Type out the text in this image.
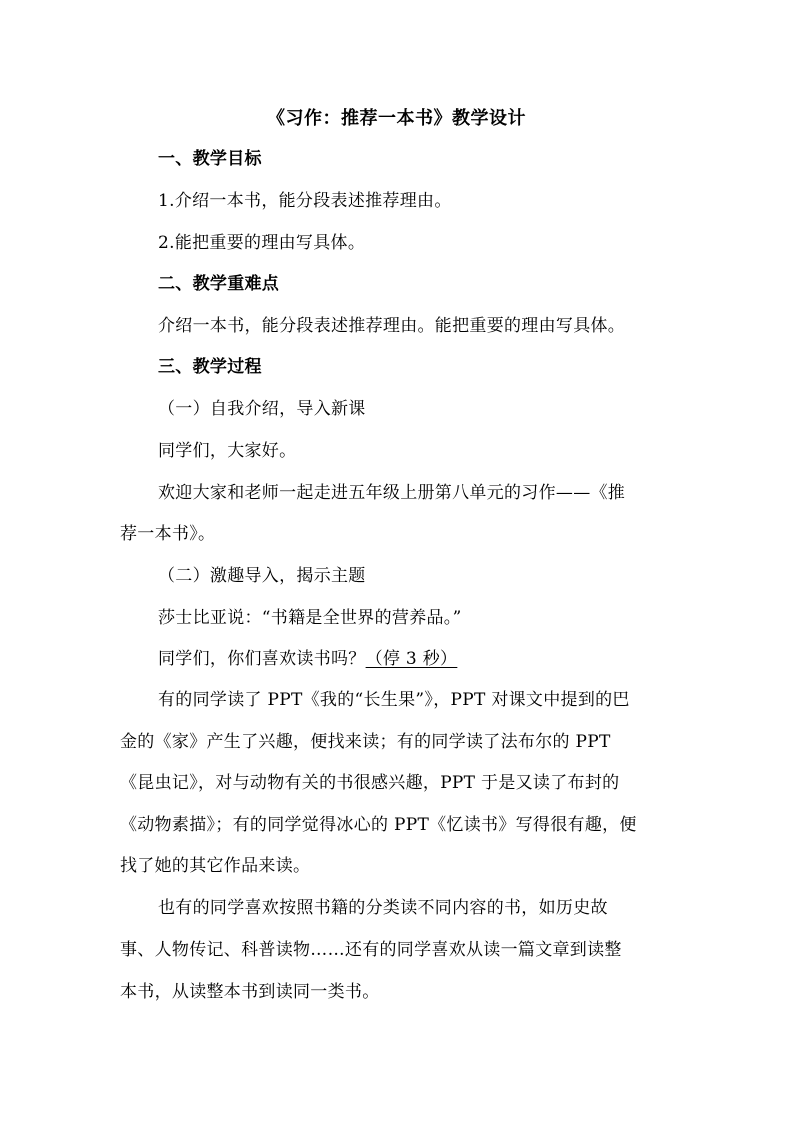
《习作：推荐一本书》教学设计
一、教学目标
1.介绍一本书，能分段表述推荐理由。
2.能把重要的理由写具体。
二、教学重难点
介绍一本书，能分段表述推荐理由。能把重要的理由写具体。
三、教学过程
（一）自我介绍，导入新课
同学们，大家好。
欢迎大家和老师一起走进五年级上册第八单元的习作——《推
荐一本书》。
（二）激趣导入，揭示主题
莎士比亚说：“书籍是全世界的营养品。”
同学们，你们喜欢读书吗？（停 3 秒）
有的同学读了 PPT《我的“长生果”》，PPT 对课文中提到的巴
金的《家》产生了兴趣，便找来读；有的同学读了法布尔的 PPT
《昆虫记》，对与动物有关的书很感兴趣，PPT 于是又读了布封的
《动物素描》；有的同学觉得冰心的 PPT《忆读书》写得很有趣，便
找了她的其它作品来读。
也有的同学喜欢按照书籍的分类读不同内容的书，如历史故
事、人物传记、科普读物……还有的同学喜欢从读一篇文章到读整
本书，从读整本书到读同一类书。
